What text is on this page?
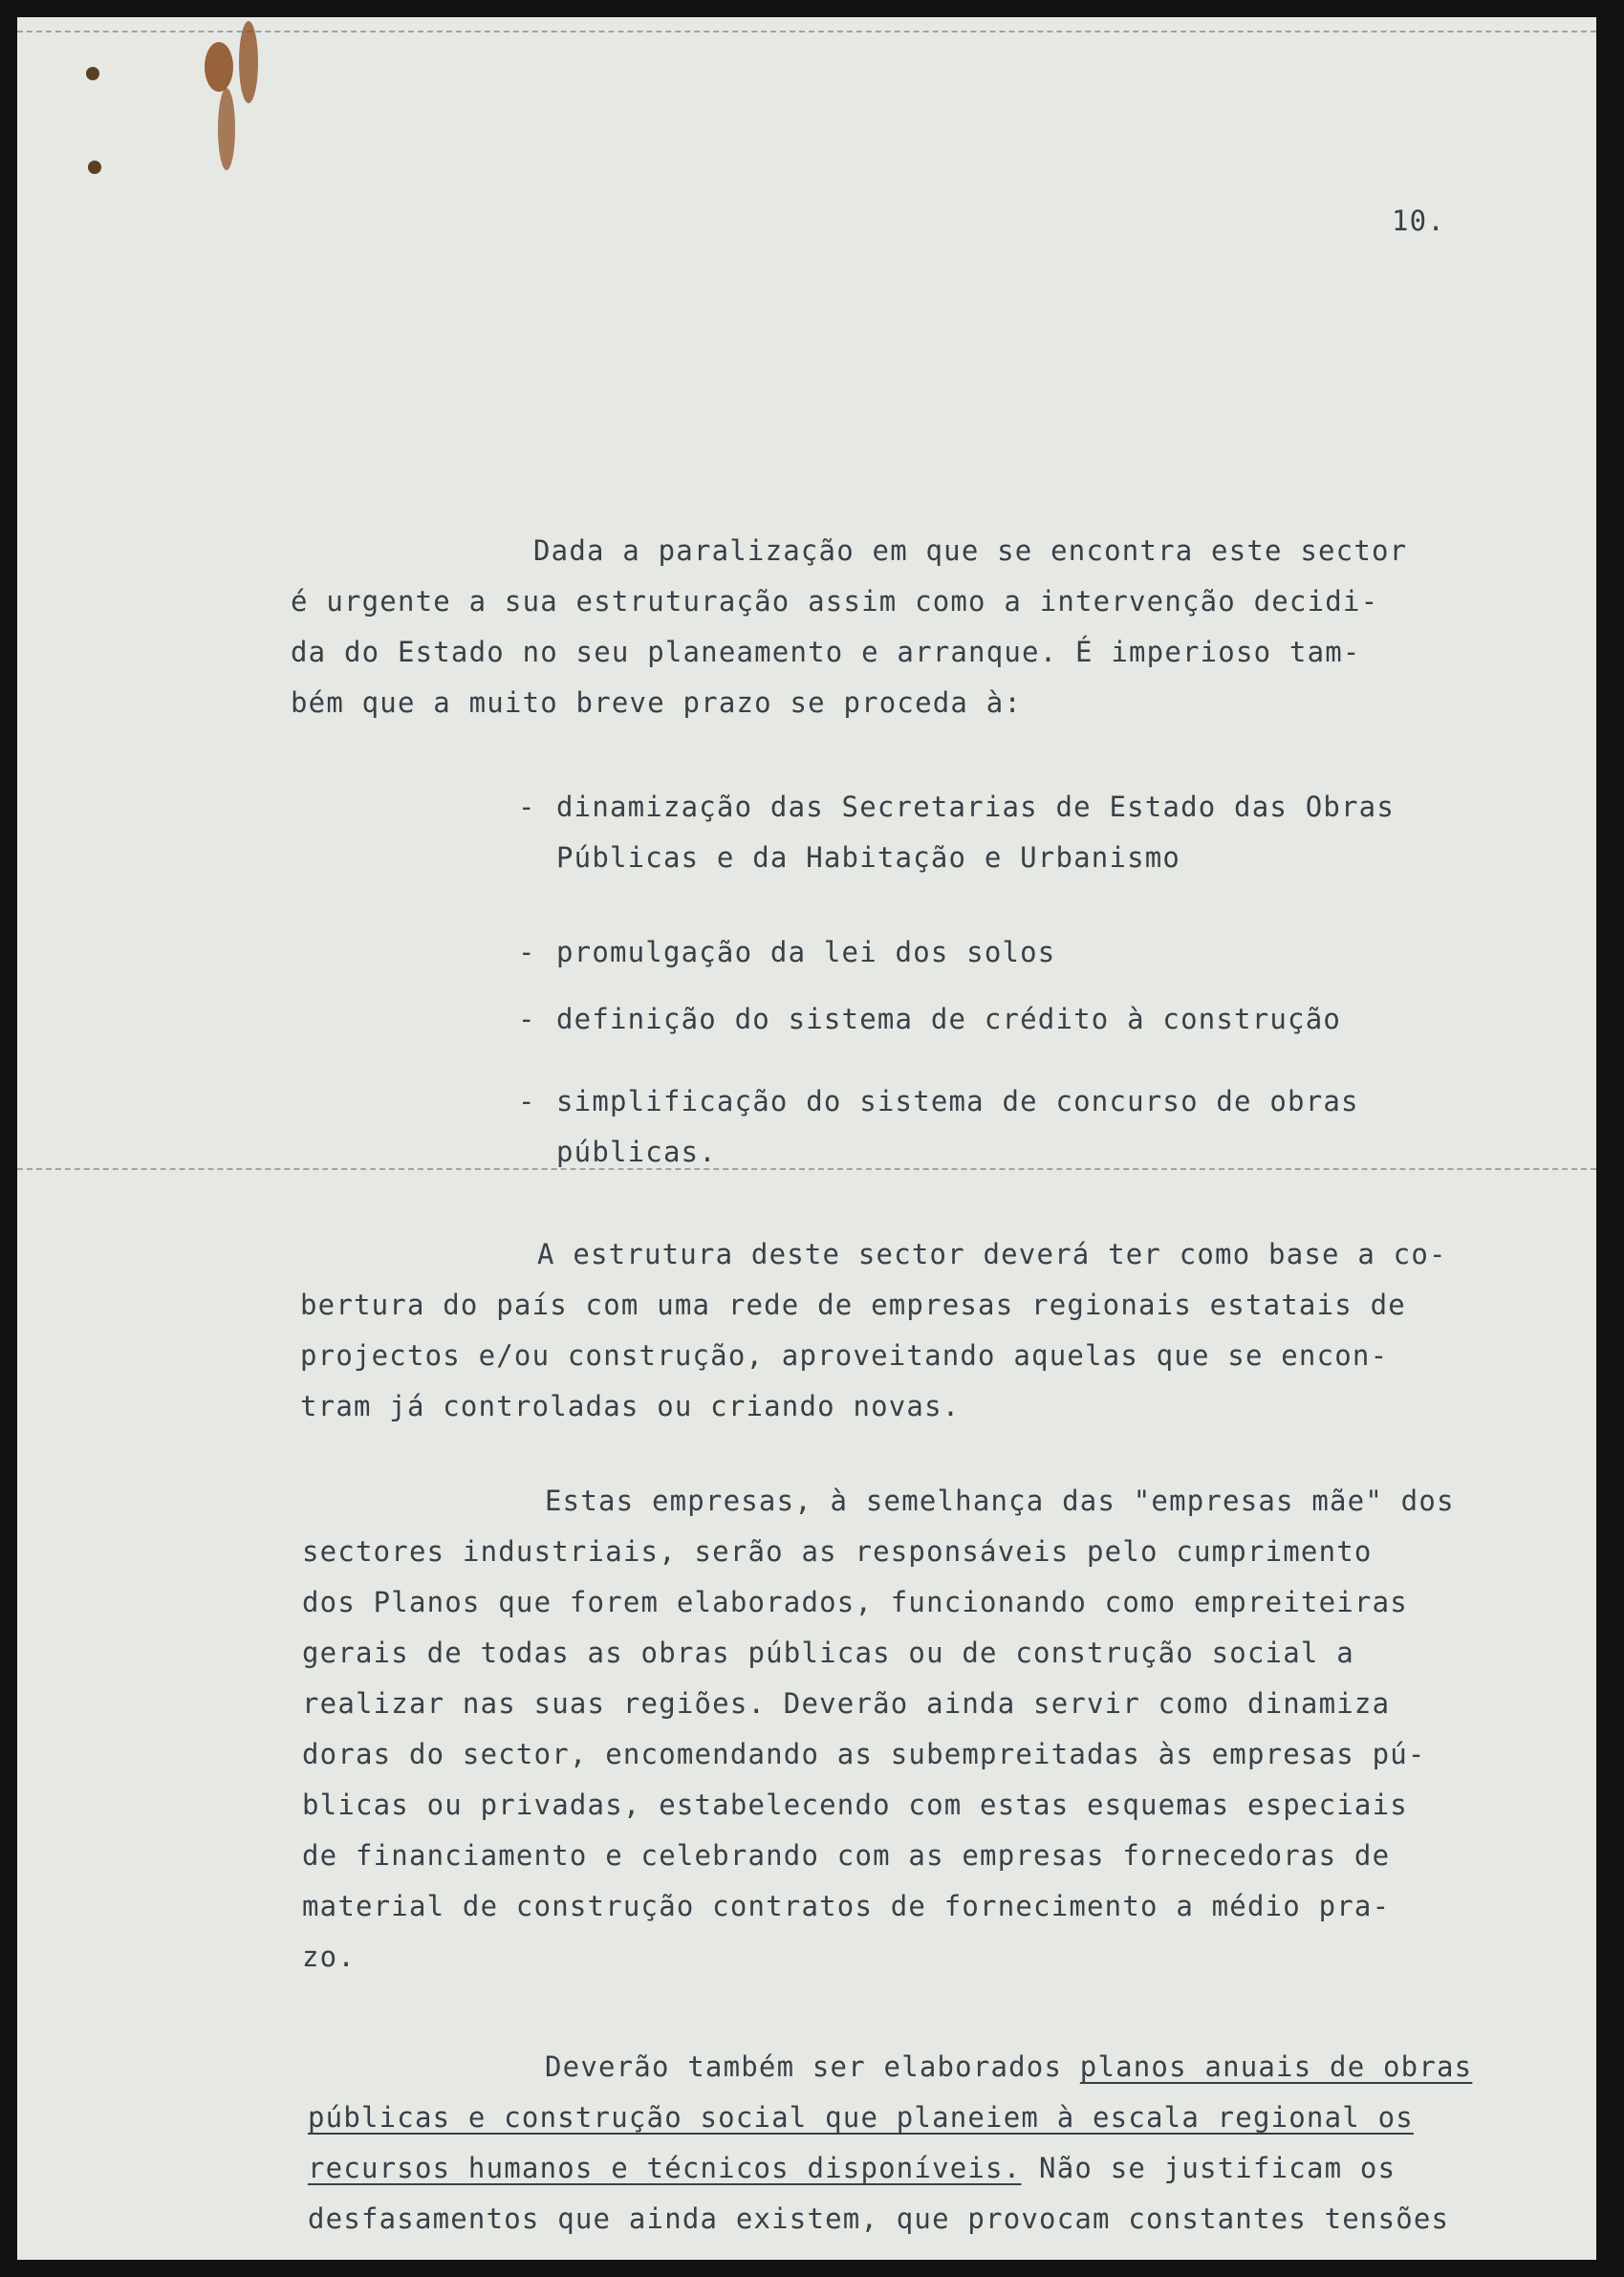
10.
Dada a paralização em que se encontra este sector
é urgente a sua estruturação assim como a intervenção decidi-
da do Estado no seu planeamento e arranque. É imperioso tam-
bém que a muito breve prazo se proceda à:
- dinamização das Secretarias de Estado das Obras
Públicas e da Habitação e Urbanismo
- promulgação da lei dos solos
- definição do sistema de crédito à construção
- simplificação do sistema de concurso de obras
públicas.
A estrutura deste sector deverá ter como base a co-
bertura do país com uma rede de empresas regionais estatais de
projectos e/ou construção, aproveitando aquelas que se encon-
tram já controladas ou criando novas.
Estas empresas, à semelhança das "empresas mãe" dos
sectores industriais, serão as responsáveis pelo cumprimento
dos Planos que forem elaborados, funcionando como empreiteiras
gerais de todas as obras públicas ou de construção social a
realizar nas suas regiões. Deverão ainda servir como dinamiza
doras do sector, encomendando as subempreitadas às empresas pú-
blicas ou privadas, estabelecendo com estas esquemas especiais
de financiamento e celebrando com as empresas fornecedoras de
material de construção contratos de fornecimento a médio pra-
zo.
Deverão também ser elaborados planos anuais de obras
públicas e construção social que planeiem à escala regional os
recursos humanos e técnicos disponíveis. Não se justificam os
desfasamentos que ainda existem, que provocam constantes tensões
